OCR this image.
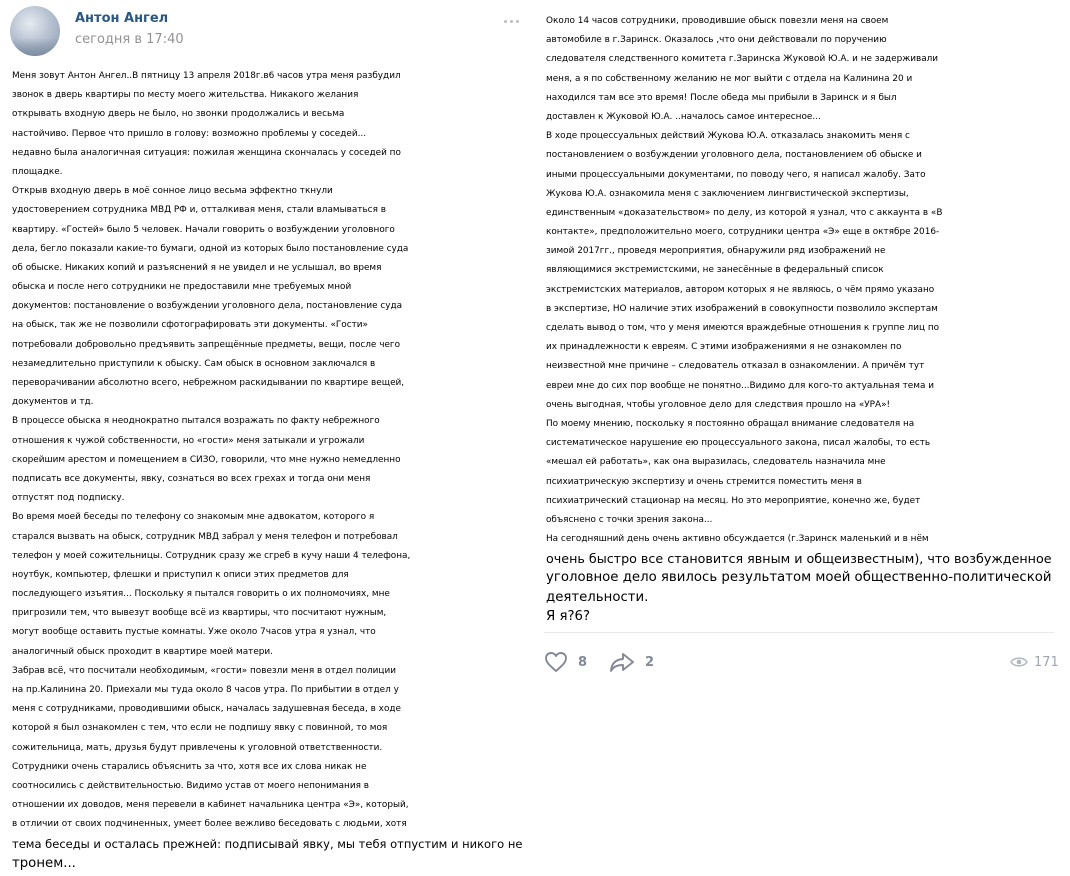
Антон Ангел
сегодня в 17:40
Меня зовут Антон Ангел..В пятницу 13 апреля 2018г.в6 часов утра меня разбудил
звонок в дверь квартиры по месту моего жительства. Никакого желания
открывать входную дверь не было, но звонки продолжались и весьма
настойчиво. Первое что пришло в голову: возможно проблемы у соседей...
недавно была аналогичная ситуация: пожилая женщина скончалась у соседей по
площадке.
Открыв входную дверь в моё сонное лицо весьма эффектно ткнули
удостоверением сотрудника МВД РФ и, отталкивая меня, стали вламываться в
квартиру. «Гостей» было 5 человек. Начали говорить о возбуждении уголовного
дела, бегло показали какие-то бумаги, одной из которых было постановление суда
об обыске. Никаких копий и разъяснений я не увидел и не услышал, во время
обыска и после него сотрудники не предоставили мне требуемых мной
документов: постановление о возбуждении уголовного дела, постановление суда
на обыск, так же не позволили сфотографировать эти документы. «Гости»
потребовали добровольно предъявить запрещённые предметы, вещи, после чего
незамедлительно приступили к обыску. Сам обыск в основном заключался в
переворачивании абсолютно всего, небрежном раскидывании по квартире вещей,
документов и тд.
В процессе обыска я неоднократно пытался возражать по факту небрежного
отношения к чужой собственности, но «гости» меня затыкали и угрожали
скорейшим арестом и помещением в СИЗО, говорили, что мне нужно немедленно
подписать все документы, явку, сознаться во всех грехах и тогда они меня
отпустят под подписку.
Во время моей беседы по телефону со знакомым мне адвокатом, которого я
старался вызвать на обыск, сотрудник МВД забрал у меня телефон и потребовал
телефон у моей сожительницы. Сотрудник сразу же сгреб в кучу наши 4 телефона,
ноутбук, компьютер, флешки и приступил к описи этих предметов для
последующего изъятия... Поскольку я пытался говорить о их полномочиях, мне
пригрозили тем, что вывезут вообще всё из квартиры, что посчитают нужным,
могут вообще оставить пустые комнаты. Уже около 7часов утра я узнал, что
аналогичный обыск проходит в квартире моей матери.
Забрав всё, что посчитали необходимым, «гости» повезли меня в отдел полиции
на пр.Калинина 20. Приехали мы туда около 8 часов утра. По прибытии в отдел у
меня с сотрудниками, проводившими обыск, началась задушевная беседа, в ходе
которой я был ознакомлен с тем, что если не подпишу явку с повинной, то моя
сожительница, мать, друзья будут привлечены к уголовной ответственности.
Сотрудники очень старались объяснить за что, хотя все их слова никак не
соотносились с действительностью. Видимо устав от моего непонимания в
отношении их доводов, меня перевели в кабинет начальника центра «Э», который,
в отличии от своих подчиненных, умеет более вежливо беседовать с людьми, хотя
тема беседы и осталась прежней: подписывай явку, мы тебя отпустим и никого не
тронем...
Около 14 часов сотрудники, проводившие обыск повезли меня на своем
автомобиле в г.Заринск. Оказалось ,что они действовали по поручению
следователя следственного комитета г.Заринска Жуковой Ю.А. и не задерживали
меня, а я по собственному желанию не мог выйти с отдела на Калинина 20 и
находился там все это время! После обеда мы прибыли в Заринск и я был
доставлен к Жуковой Ю.А. ..началось самое интересное...
В ходе процессуальных действий Жукова Ю.А. отказалась знакомить меня с
постановлением о возбуждении уголовного дела, постановлением об обыске и
иными процессуальными документами, по поводу чего, я написал жалобу. Зато
Жукова Ю.А. ознакомила меня с заключением лингвистической экспертизы,
единственным «доказательством» по делу, из которой я узнал, что с аккаунта в «В
контакте», предположительно моего, сотрудники центра «Э» еще в октябре 2016-
зимой 2017гг., проведя мероприятия, обнаружили ряд изображений не
являющимися экстремистскими, не занесённые в федеральный список
экстремистских материалов, автором которых я не являюсь, о чём прямо указано
в экспертизе, НО наличие этих изображений в совокупности позволило экспертам
сделать вывод о том, что у меня имеются враждебные отношения к группе лиц по
их принадлежности к евреям. С этими изображениями я не ознакомлен по
неизвестной мне причине – следователь отказал в ознакомлении. А причём тут
евреи мне до сих пор вообще не понятно...Видимо для кого-то актуальная тема и
очень выгодная, чтобы уголовное дело для следствия прошло на «УРА»!
По моему мнению, поскольку я постоянно обращал внимание следователя на
систематическое нарушение ею процессуального закона, писал жалобы, то есть
«мешал ей работать», как она выразилась, следователь назначила мне
психиатрическую экспертизу и очень стремится поместить меня в
психиатрический стационар на месяц. Но это мероприятие, конечно же, будет
объяснено с точки зрения закона...
На сегодняшний день очень активно обсуждается (г.Заринск маленький и в нём
очень быстро все становится явным и общеизвестным), что возбужденное
уголовное дело явилось результатом моей общественно-политической
деятельности.
Я я?6?
8	2	171
